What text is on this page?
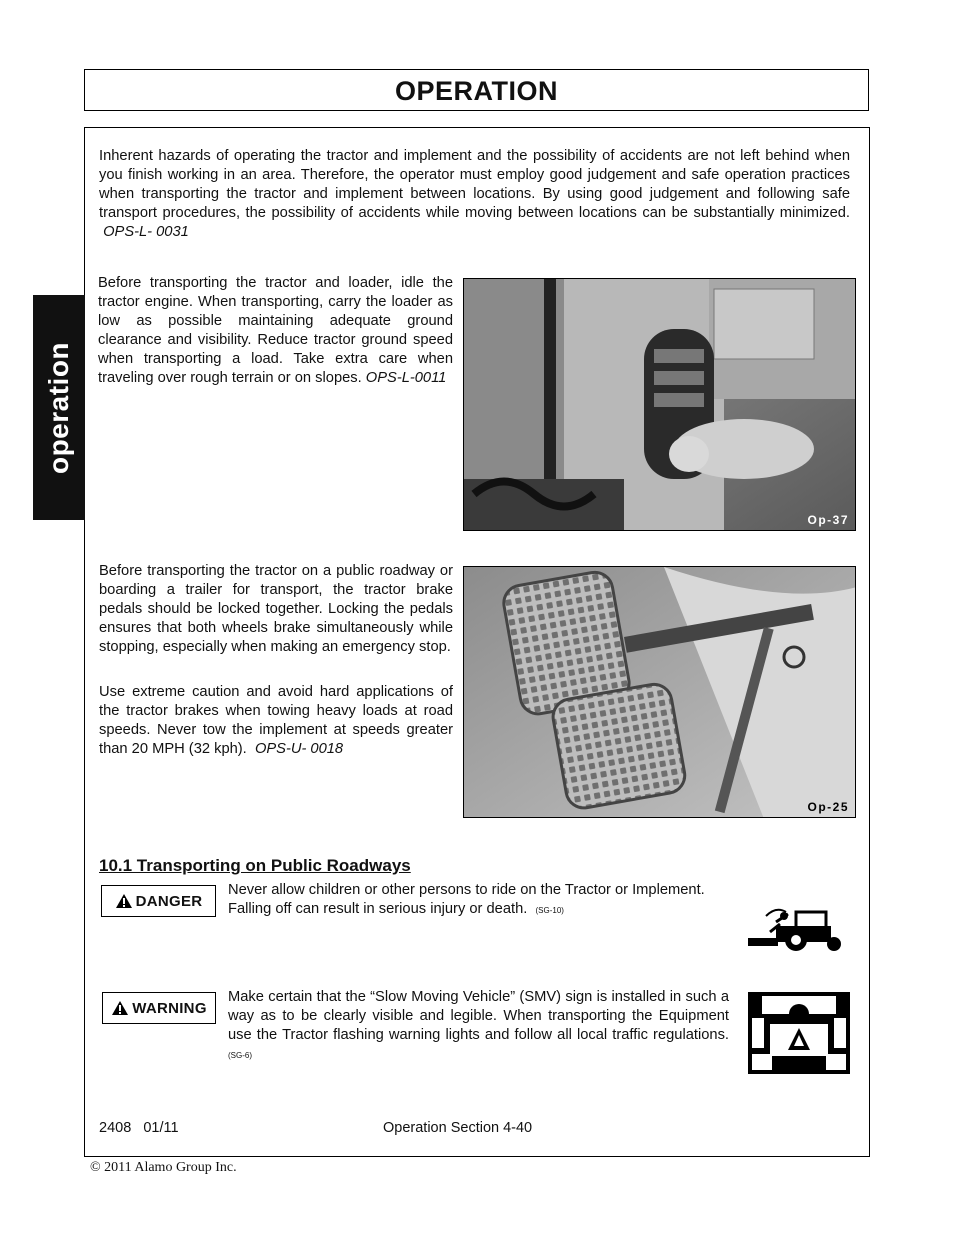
OPERATION
operation
Inherent hazards of operating the tractor and implement and the possibility of accidents are not left behind when you finish working in an area. Therefore, the operator must employ good judgement and safe operation practices when transporting the tractor and implement between locations. By using good judgement and following safe transport procedures, the possibility of accidents while moving between locations can be substantially minimized.  OPS-L- 0031
Before transporting the tractor and loader, idle the tractor engine. When transporting, carry the loader as low as possible maintaining adequate ground clearance and visibility. Reduce tractor ground speed when transporting a load. Take extra care when traveling over rough terrain or on slopes. OPS-L-0011
Op-37
Before transporting the tractor on a public roadway or boarding a trailer for transport, the tractor brake pedals should be locked together. Locking the pedals ensures that both wheels brake simultaneously while stopping, especially when making an emergency stop.
Use extreme caution and avoid hard applications of the tractor brakes when towing heavy loads at road speeds. Never tow the implement at speeds greater than 20 MPH (32 kph). OPS-U- 0018
Op-25
10.1 Transporting on Public Roadways
DANGER
Never allow children or other persons to ride on the Tractor or Implement. Falling off can result in serious injury or death. (SG-10)
WARNING
Make certain that the “Slow Moving Vehicle” (SMV) sign is installed in such a way as to be clearly visible and legible. When transporting the Equipment use the Tractor flashing warning lights and follow all local traffic regulations. (SG-6)
2408 01/11	Operation Section 4-40
© 2011 Alamo Group Inc.
